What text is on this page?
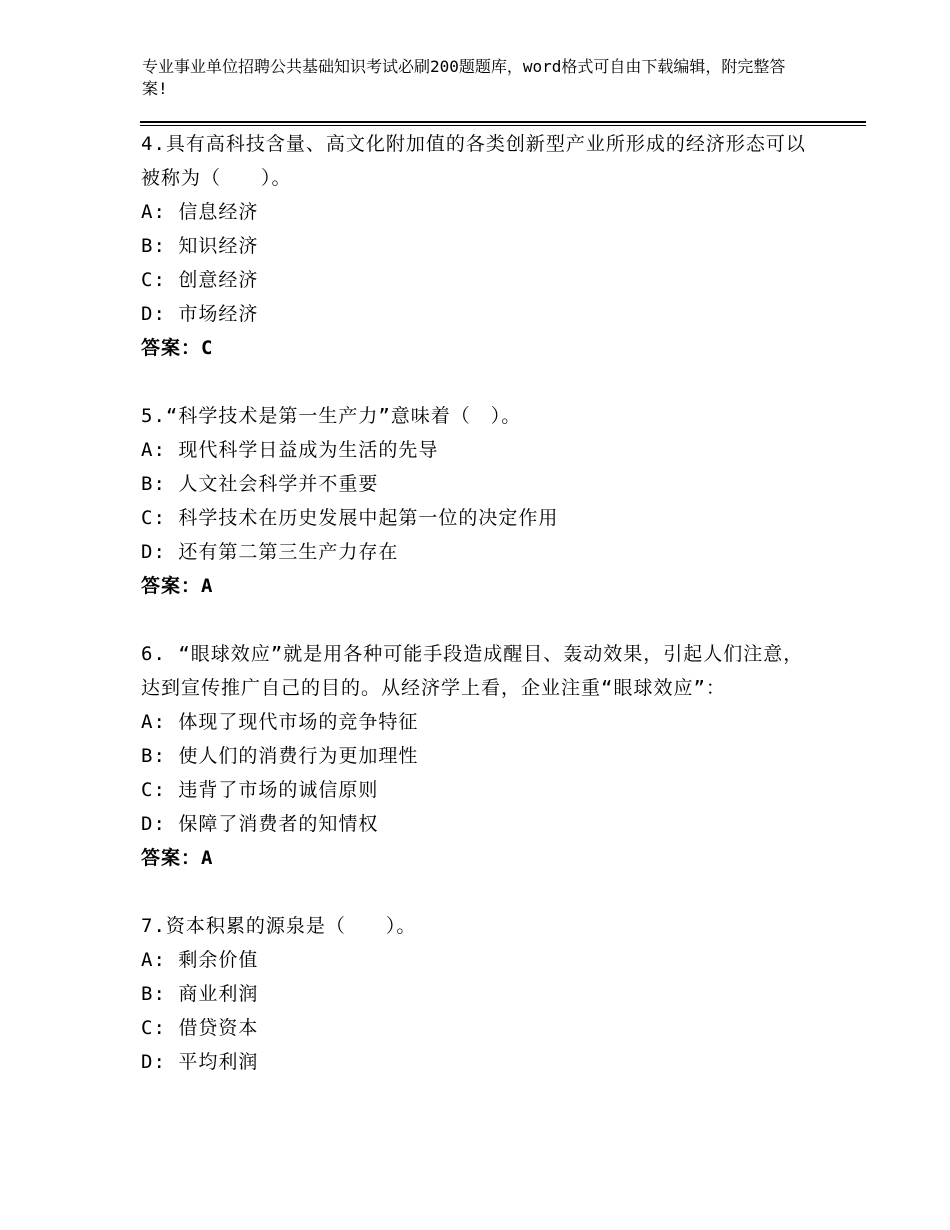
专业事业单位招聘公共基础知识考试必刷200题题库，word格式可自由下载编辑，附完整答案!

4.具有高科技含量、高文化附加值的各类创新型产业所形成的经济形态可以被称为（　　）。

A: 信息经济

B: 知识经济

C: 创意经济

D: 市场经济

答案：C

5.“科学技术是第一生产力”意味着（　）。

A: 现代科学日益成为生活的先导

B: 人文社会科学并不重要

C: 科学技术在历史发展中起第一位的决定作用

D: 还有第二第三生产力存在

答案：A

6. “眼球效应”就是用各种可能手段造成醒目、轰动效果，引起人们注意，达到宣传推广自己的目的。从经济学上看，企业注重“眼球效应”：

A: 体现了现代市场的竞争特征

B: 使人们的消费行为更加理性

C: 违背了市场的诚信原则

D: 保障了消费者的知情权

答案：A

7.资本积累的源泉是（　　）。

A: 剩余价值

B: 商业利润

C: 借贷资本

D: 平均利润
